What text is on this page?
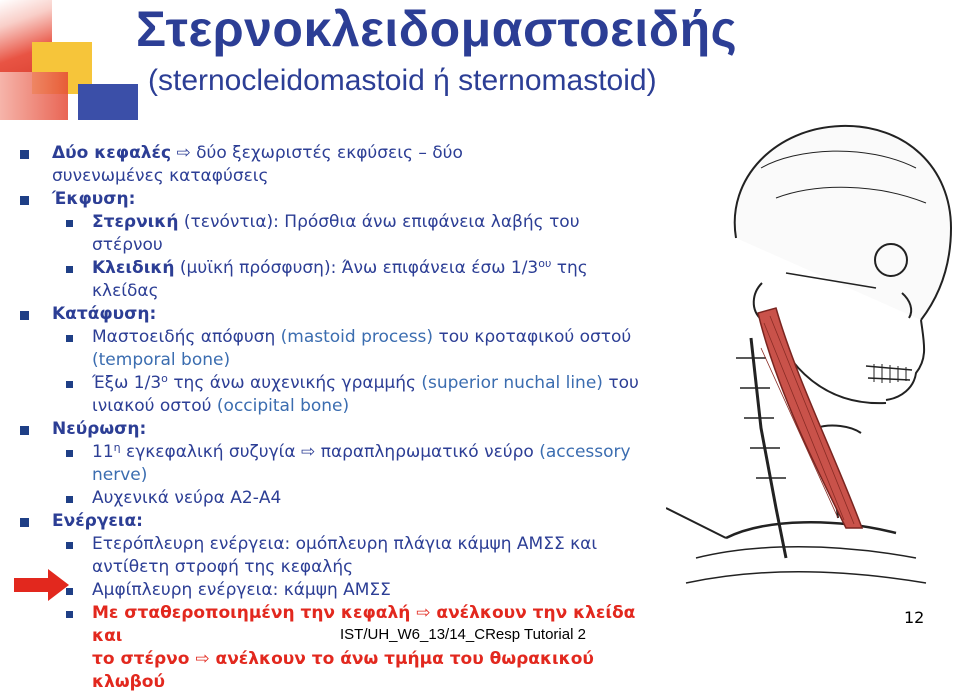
Στερνοκλειδομαστοειδής
(sternocleidomastoid ή sternomastoid)
Δύο κεφαλές ⇨ δύο ξεχωριστές εκφύσεις – δύο
συνενωμένες καταφύσεις
Έκφυση:
Στερνική (τενόντια): Πρόσθια άνω επιφάνεια λαβής του
στέρνου
Κλειδική (μυϊκή πρόσφυση): Άνω επιφάνεια έσω $1/3^{o\upsilon}$ της
κλείδας
Κατάφυση:
Μαστοειδής απόφυση (mastoid process) του κροταφικού οστού
(temporal bone)
Έξω $1/3^o$ της άνω αυχενικής γραμμής (superior nuchal line) του
ινιακού οστού (occipital bone)
Νεύρωση:
$11^\eta$ εγκεφαλική συζυγία ⇨ παραπληρωματικό νεύρο (accessory
nerve)
Αυχενικά νεύρα Α2-Α4
Ενέργεια:
Ετερόπλευρη ενέργεια: ομόπλευρη πλάγια κάμψη ΑΜΣΣ και
αντίθετη στροφή της κεφαλής
Αμφίπλευρη ενέργεια: κάμψη ΑΜΣΣ
Με σταθεροποιημένη την κεφαλή ⇨ ανέλκουν την κλείδα και
το στέρνο ⇨ ανέλκουν το άνω τμήμα του θωρακικού κλωβού
12
IST/UH_W6_13/14_CResp Tutorial 2
